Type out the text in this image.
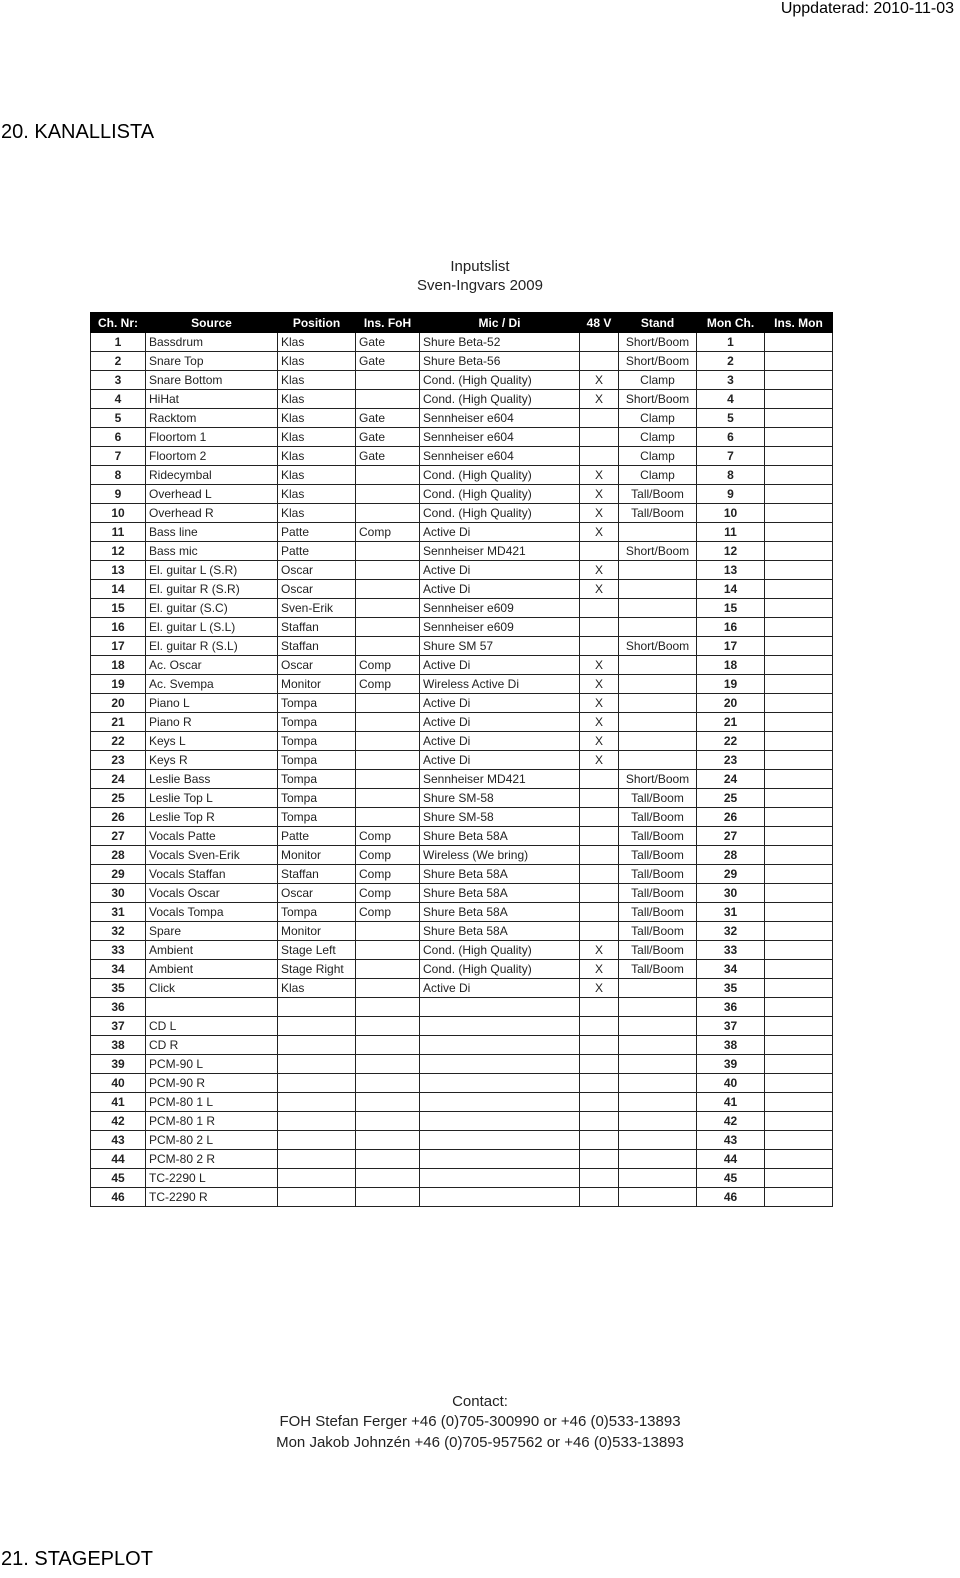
Uppdaterad: 2010-11-03
20. KANALLISTA
Inputslist
Sven-Ingvars 2009
Ch. Nr:	Source	Position	Ins. FoH	Mic / Di	48 V	Stand	Mon Ch.	Ins. Mon
1	Bassdrum	Klas	Gate	Shure Beta-52		Short/Boom	1	
2	Snare Top	Klas	Gate	Shure Beta-56		Short/Boom	2	
3	Snare Bottom	Klas		Cond. (High Quality)	X	Clamp	3	
4	HiHat	Klas		Cond. (High Quality)	X	Short/Boom	4	
5	Racktom	Klas	Gate	Sennheiser e604		Clamp	5	
6	Floortom 1	Klas	Gate	Sennheiser e604		Clamp	6	
7	Floortom 2	Klas	Gate	Sennheiser e604		Clamp	7	
8	Ridecymbal	Klas		Cond. (High Quality)	X	Clamp	8	
9	Overhead L	Klas		Cond. (High Quality)	X	Tall/Boom	9	
10	Overhead R	Klas		Cond. (High Quality)	X	Tall/Boom	10	
11	Bass line	Patte	Comp	Active Di	X		11	
12	Bass mic	Patte		Sennheiser MD421		Short/Boom	12	
13	El. guitar L (S.R)	Oscar		Active Di	X		13	
14	El. guitar R (S.R)	Oscar		Active Di	X		14	
15	El. guitar (S.C)	Sven-Erik		Sennheiser e609			15	
16	El. guitar L (S.L)	Staffan		Sennheiser e609			16	
17	El. guitar R (S.L)	Staffan		Shure SM 57		Short/Boom	17	
18	Ac. Oscar	Oscar	Comp	Active Di	X		18	
19	Ac. Svempa	Monitor	Comp	Wireless Active Di	X		19	
20	Piano L	Tompa		Active Di	X		20	
21	Piano R	Tompa		Active Di	X		21	
22	Keys L	Tompa		Active Di	X		22	
23	Keys R	Tompa		Active Di	X		23	
24	Leslie Bass	Tompa		Sennheiser MD421		Short/Boom	24	
25	Leslie Top L	Tompa		Shure SM-58		Tall/Boom	25	
26	Leslie Top R	Tompa		Shure SM-58		Tall/Boom	26	
27	Vocals Patte	Patte	Comp	Shure Beta 58A		Tall/Boom	27	
28	Vocals Sven-Erik	Monitor	Comp	Wireless (We bring)		Tall/Boom	28	
29	Vocals Staffan	Staffan	Comp	Shure Beta 58A		Tall/Boom	29	
30	Vocals Oscar	Oscar	Comp	Shure Beta 58A		Tall/Boom	30	
31	Vocals Tompa	Tompa	Comp	Shure Beta 58A		Tall/Boom	31	
32	Spare	Monitor		Shure Beta 58A		Tall/Boom	32	
33	Ambient	Stage Left		Cond. (High Quality)	X	Tall/Boom	33	
34	Ambient	Stage Right		Cond. (High Quality)	X	Tall/Boom	34	
35	Click	Klas		Active Di	X		35	
36							36	
37	CD L						37	
38	CD R						38	
39	PCM-90 L						39	
40	PCM-90 R						40	
41	PCM-80 1 L						41	
42	PCM-80 1 R						42	
43	PCM-80 2 L						43	
44	PCM-80 2 R						44	
45	TC-2290 L						45	
46	TC-2290 R						46	
Contact:
FOH Stefan Ferger +46 (0)705-300990 or +46 (0)533-13893
Mon Jakob Johnzén +46 (0)705-957562 or +46 (0)533-13893
21. STAGEPLOT
